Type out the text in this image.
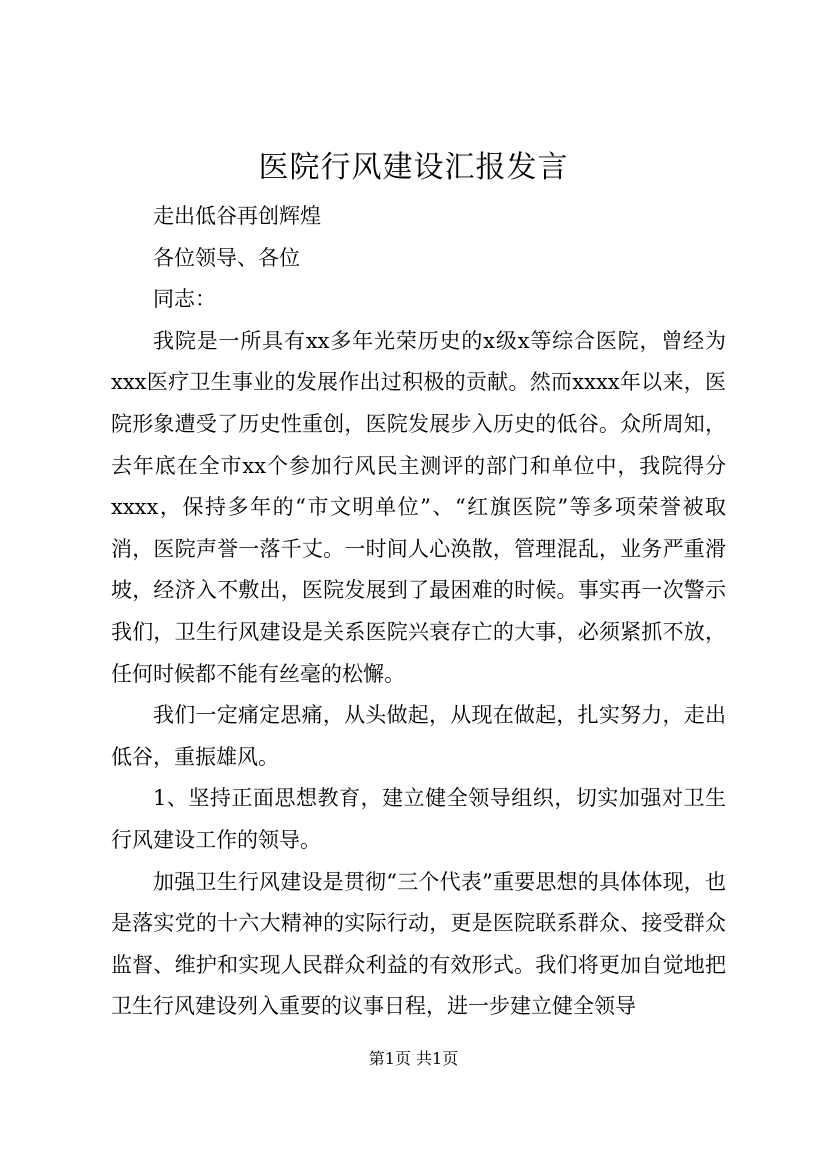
医院行风建设汇报发言

走出低谷再创辉煌

各位领导、各位

同志：

我院是一所具有xx多年光荣历史的x级x等综合医院，曾经为xxx医疗卫生事业的发展作出过积极的贡献。然而xxxx年以来，医院形象遭受了历史性重创，医院发展步入历史的低谷。众所周知，去年底在全市xx个参加行风民主测评的部门和单位中，我院得分xxxx，保持多年的“市文明单位”、“红旗医院”等多项荣誉被取消，医院声誉一落千丈。一时间人心涣散，管理混乱，业务严重滑坡，经济入不敷出，医院发展到了最困难的时候。事实再一次警示我们，卫生行风建设是关系医院兴衰存亡的大事，必须紧抓不放，任何时候都不能有丝毫的松懈。

我们一定痛定思痛，从头做起，从现在做起，扎实努力，走出低谷，重振雄风。

1、坚持正面思想教育，建立健全领导组织，切实加强对卫生行风建设工作的领导。

加强卫生行风建设是贯彻“三个代表”重要思想的具体体现，也是落实党的十六大精神的实际行动，更是医院联系群众、接受群众监督、维护和实现人民群众利益的有效形式。我们将更加自觉地把卫生行风建设列入重要的议事日程，进一步建立健全领导

第1页 共1页
